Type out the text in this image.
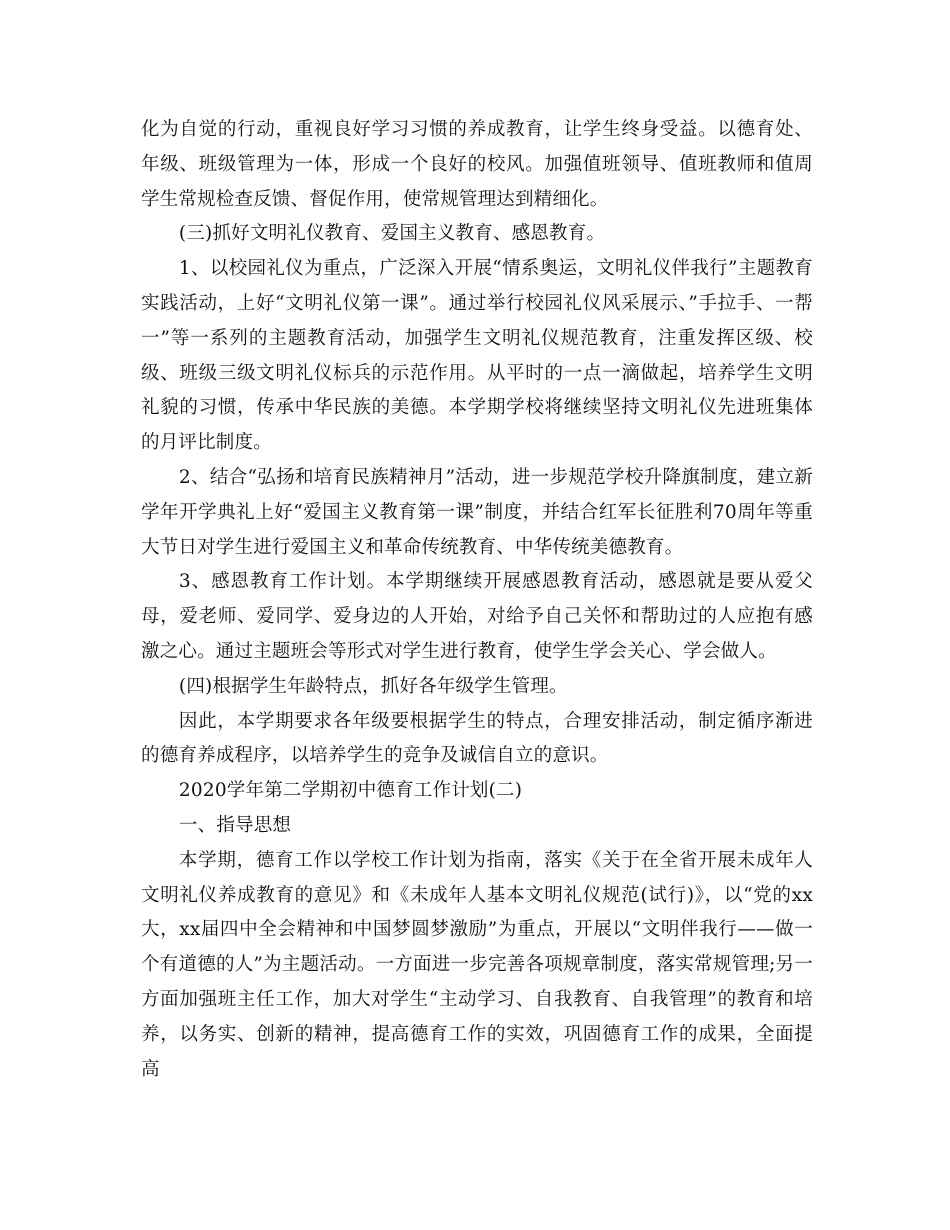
化为自觉的行动，重视良好学习习惯的养成教育，让学生终身受益。以德育处、年级、班级管理为一体，形成一个良好的校风。加强值班领导、值班教师和值周学生常规检查反馈、督促作用，使常规管理达到精细化。

(三)抓好文明礼仪教育、爱国主义教育、感恩教育。

1、以校园礼仪为重点，广泛深入开展“情系奥运，文明礼仪伴我行”主题教育实践活动，上好“文明礼仪第一课”。通过举行校园礼仪风采展示、”手拉手、一帮一”等一系列的主题教育活动，加强学生文明礼仪规范教育，注重发挥区级、校级、班级三级文明礼仪标兵的示范作用。从平时的一点一滴做起，培养学生文明礼貌的习惯，传承中华民族的美德。本学期学校将继续坚持文明礼仪先进班集体的月评比制度。

2、结合“弘扬和培育民族精神月”活动，进一步规范学校升降旗制度，建立新学年开学典礼上好“爱国主义教育第一课”制度，并结合红军长征胜利70周年等重大节日对学生进行爱国主义和革命传统教育、中华传统美德教育。

3、感恩教育工作计划。本学期继续开展感恩教育活动，感恩就是要从爱父母，爱老师、爱同学、爱身边的人开始，对给予自己关怀和帮助过的人应抱有感激之心。通过主题班会等形式对学生进行教育，使学生学会关心、学会做人。

(四)根据学生年龄特点，抓好各年级学生管理。

因此，本学期要求各年级要根据学生的特点，合理安排活动，制定循序渐进的德育养成程序，以培养学生的竞争及诚信自立的意识。

2020学年第二学期初中德育工作计划(二)

一、指导思想

本学期，德育工作以学校工作计划为指南，落实《关于在全省开展未成年人文明礼仪养成教育的意见》和《未成年人基本文明礼仪规范(试行)》，以“党的xx大，xx届四中全会精神和中国梦圆梦激励”为重点，开展以“文明伴我行——做一个有道德的人”为主题活动。一方面进一步完善各项规章制度，落实常规管理;另一方面加强班主任工作，加大对学生“主动学习、自我教育、自我管理”的教育和培养，以务实、创新的精神，提高德育工作的实效，巩固德育工作的成果，全面提高
